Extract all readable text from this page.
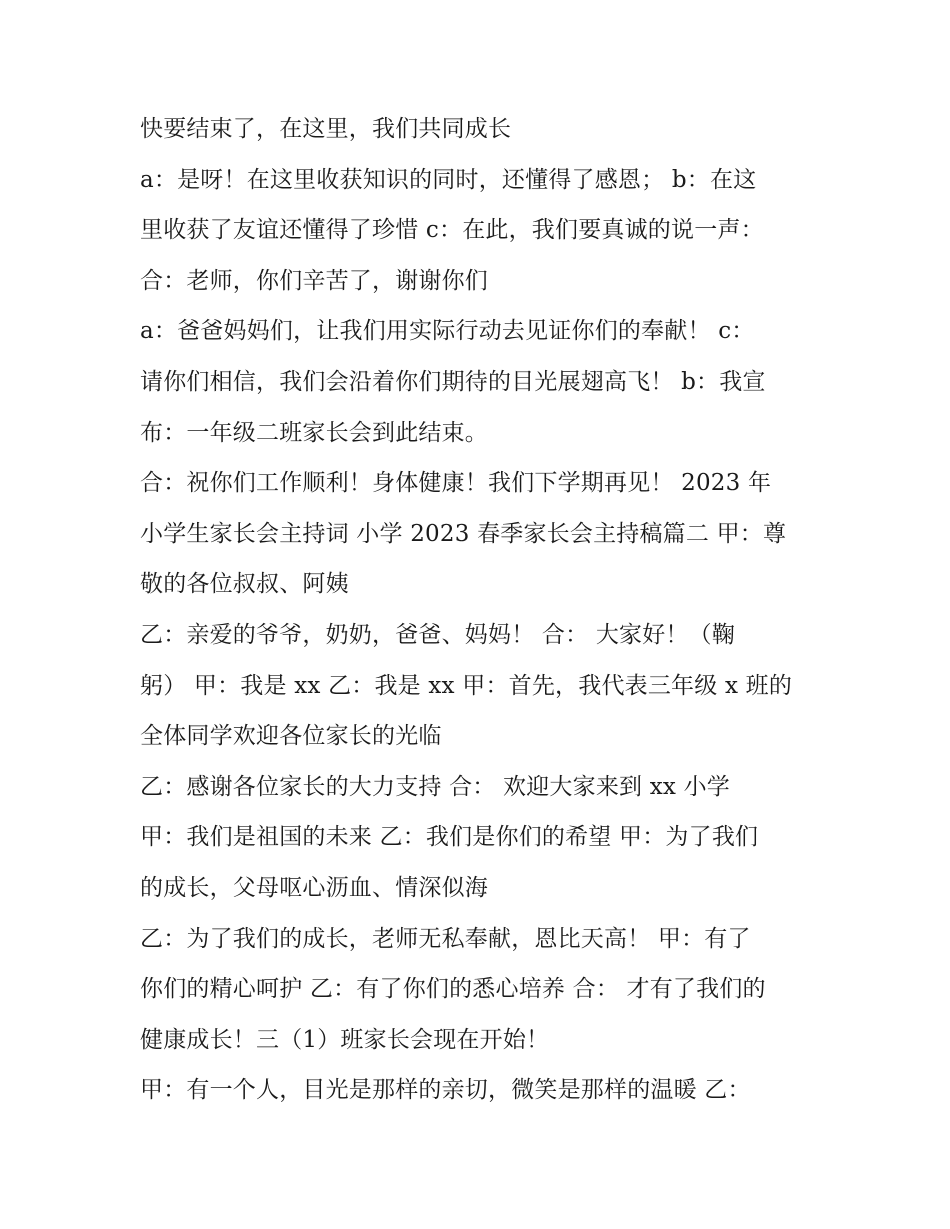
快要结束了，在这里，我们共同成长
a：是呀！在这里收获知识的同时，还懂得了感恩； b：在这
里收获了友谊还懂得了珍惜 c：在此，我们要真诚的说一声：
合：老师，你们辛苦了，谢谢你们
a：爸爸妈妈们，让我们用实际行动去见证你们的奉献！ c：
请你们相信，我们会沿着你们期待的目光展翅高飞！ b：我宣
布：一年级二班家长会到此结束。
合：祝你们工作顺利！身体健康！我们下学期再见！ 2023 年
小学生家长会主持词 小学 2023 春季家长会主持稿篇二 甲：尊
敬的各位叔叔、阿姨
乙：亲爱的爷爷，奶奶，爸爸、妈妈！ 合： 大家好！（鞠
躬） 甲：我是 xx 乙：我是 xx 甲：首先，我代表三年级 x 班的
全体同学欢迎各位家长的光临
乙：感谢各位家长的大力支持 合： 欢迎大家来到 xx 小学
甲：我们是祖国的未来 乙：我们是你们的希望 甲：为了我们
的成长，父母呕心沥血、情深似海
乙：为了我们的成长，老师无私奉献，恩比天高！ 甲：有了
你们的精心呵护 乙：有了你们的悉心培养 合： 才有了我们的
健康成长！三（1）班家长会现在开始！
甲：有一个人，目光是那样的亲切，微笑是那样的温暖 乙：
